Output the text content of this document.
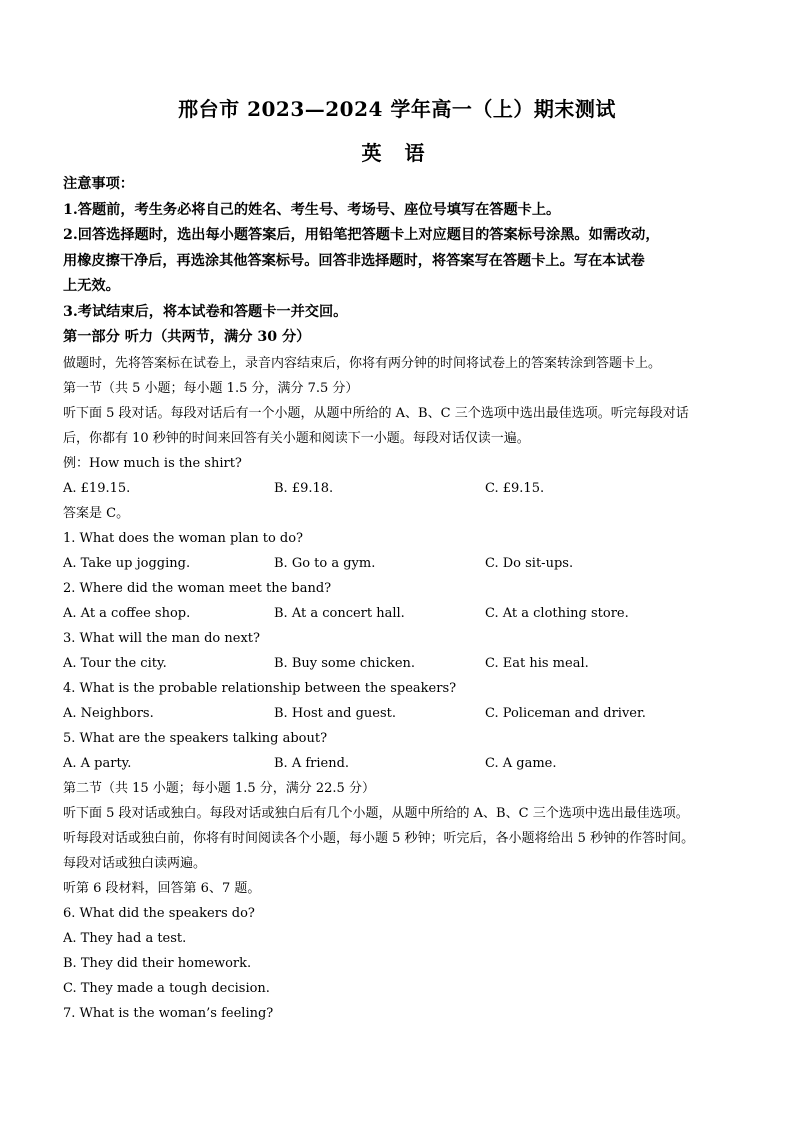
邢台市 2023—2024 学年高一（上）期末测试
英 语
注意事项：
1.答题前，考生务必将自己的姓名、考生号、考场号、座位号填写在答题卡上。
2.回答选择题时，选出每小题答案后，用铅笔把答题卡上对应题目的答案标号涂黑。如需改动，
用橡皮擦干净后，再选涂其他答案标号。回答非选择题时，将答案写在答题卡上。写在本试卷
上无效。
3.考试结束后，将本试卷和答题卡一并交回。
第一部分 听力（共两节，满分 30 分）
做题时，先将答案标在试卷上，录音内容结束后，你将有两分钟的时间将试卷上的答案转涂到答题卡上。
第一节（共 5 小题；每小题 1.5 分，满分 7.5 分）
听下面 5 段对话。每段对话后有一个小题，从题中所给的 A、B、C 三个选项中选出最佳选项。听完每段对话
后，你都有 10 秒钟的时间来回答有关小题和阅读下一小题。每段对话仅读一遍。
例：How much is the shirt?
A. £19.15.	B. £9.18.	C. £9.15.
答案是 C。
1. What does the woman plan to do?
A. Take up jogging.	B. Go to a gym.	C. Do sit-ups.
2. Where did the woman meet the band?
A. At a coffee shop.	B. At a concert hall.	C. At a clothing store.
3. What will the man do next?
A. Tour the city.	B. Buy some chicken.	C. Eat his meal.
4. What is the probable relationship between the speakers?
A. Neighbors.	B. Host and guest.	C. Policeman and driver.
5. What are the speakers talking about?
A. A party.	B. A friend.	C. A game.
第二节（共 15 小题；每小题 1.5 分，满分 22.5 分）
听下面 5 段对话或独白。每段对话或独白后有几个小题，从题中所给的 A、B、C 三个选项中选出最佳选项。
听每段对话或独白前，你将有时间阅读各个小题，每小题 5 秒钟；听完后，各小题将给出 5 秒钟的作答时间。
每段对话或独白读两遍。
听第 6 段材料，回答第 6、7 题。
6. What did the speakers do?
A. They had a test.
B. They did their homework.
C. They made a tough decision.
7. What is the woman’s feeling?
